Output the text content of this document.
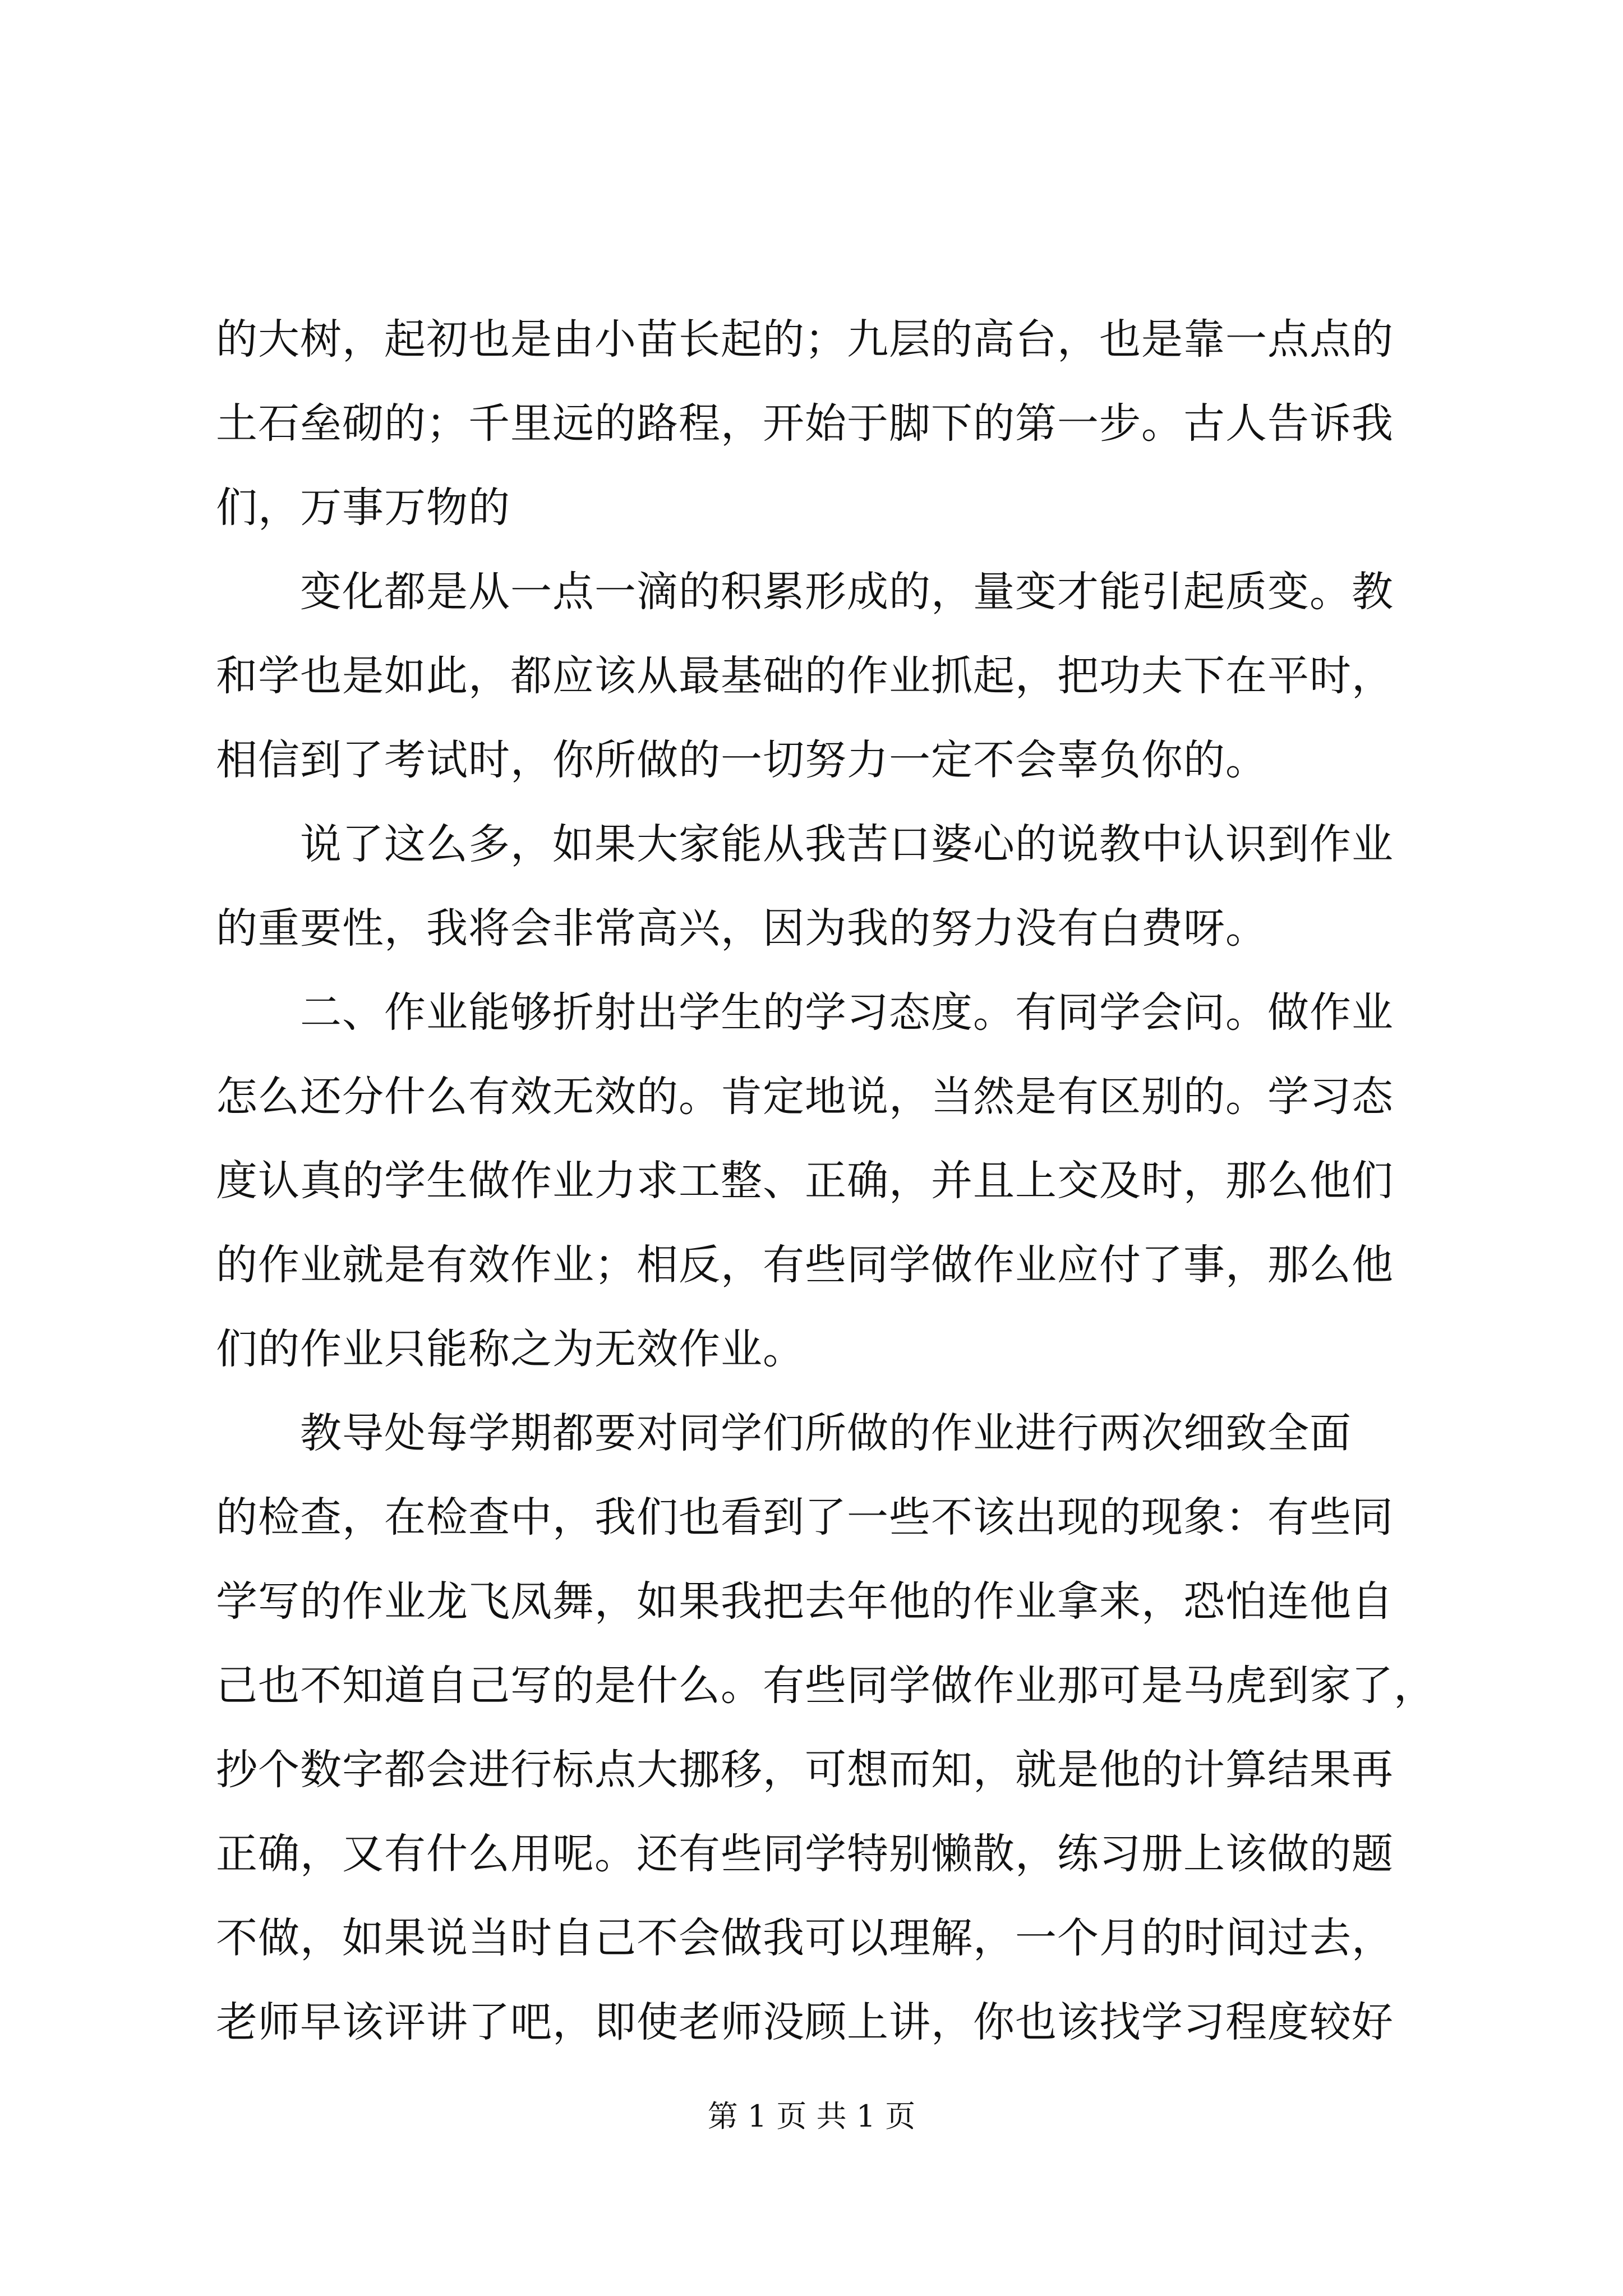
的大树，起初也是由小苗长起的；九层的高台，也是靠一点点的
土石垒砌的；千里远的路程，开始于脚下的第一步。古人告诉我
们，万事万物的
变化都是从一点一滴的积累形成的，量变才能引起质变。教
和学也是如此，都应该从最基础的作业抓起，把功夫下在平时，
相信到了考试时，你所做的一切努力一定不会辜负你的。
说了这么多，如果大家能从我苦口婆心的说教中认识到作业
的重要性，我将会非常高兴，因为我的努力没有白费呀。
二、作业能够折射出学生的学习态度。有同学会问。做作业
怎么还分什么有效无效的。肯定地说，当然是有区别的。学习态
度认真的学生做作业力求工整、正确，并且上交及时，那么他们
的作业就是有效作业；相反，有些同学做作业应付了事，那么他
们的作业只能称之为无效作业。
教导处每学期都要对同学们所做的作业进行两次细致全面
的检查，在检查中，我们也看到了一些不该出现的现象：有些同
学写的作业龙飞凤舞，如果我把去年他的作业拿来，恐怕连他自
己也不知道自己写的是什么。有些同学做作业那可是马虎到家了，
抄个数字都会进行标点大挪移，可想而知，就是他的计算结果再
正确，又有什么用呢。还有些同学特别懒散，练习册上该做的题
不做，如果说当时自己不会做我可以理解，一个月的时间过去，
老师早该评讲了吧，即使老师没顾上讲，你也该找学习程度较好
第 1 页 共 1 页
